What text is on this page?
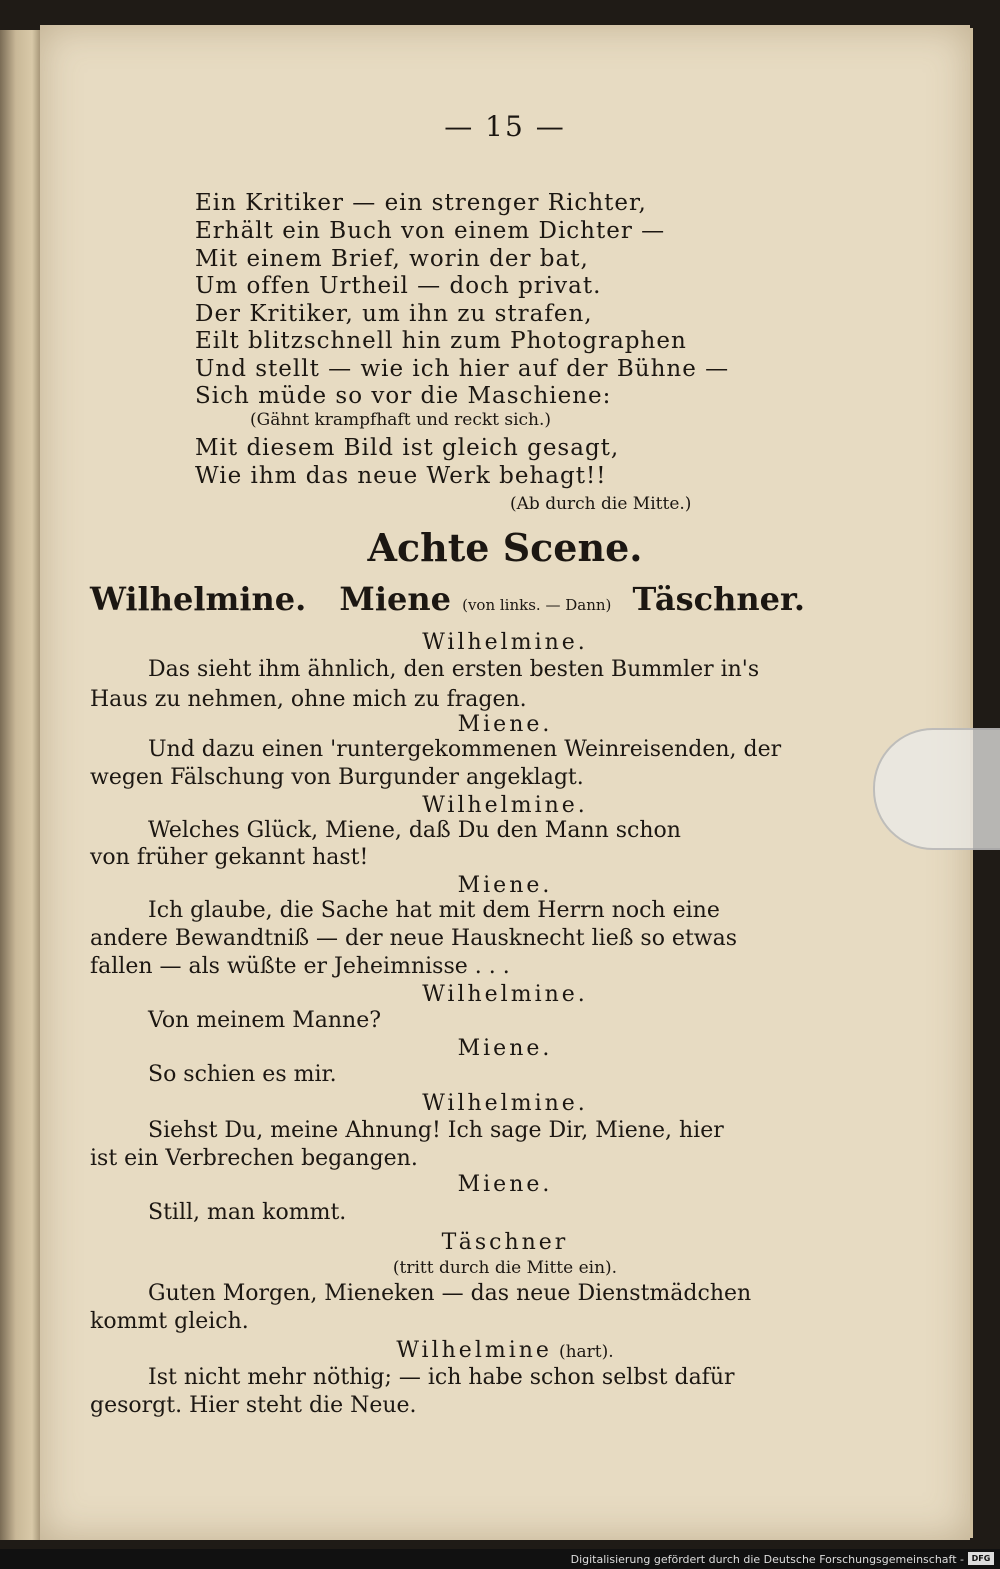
— 15 —
Ein Kritiker — ein strenger Richter,
Erhält ein Buch von einem Dichter —
Mit einem Brief, worin der bat,
Um offen Urtheil — doch privat.
Der Kritiker, um ihn zu strafen,
Eilt blitzschnell hin zum Photographen
Und stellt — wie ich hier auf der Bühne —
Sich müde so vor die Maschiene:
(Gähnt krampfhaft und reckt sich.)
Mit diesem Bild ist gleich gesagt,
Wie ihm das neue Werk behagt!!
(Ab durch die Mitte.)
Achte Scene.
Wilhelmine. Miene (von links. — Dann) Täschner.
Wilhelmine.
Das sieht ihm ähnlich, den ersten besten Bummler in's
Haus zu nehmen, ohne mich zu fragen.
Miene.
Und dazu einen 'runtergekommenen Weinreisenden, der
wegen Fälschung von Burgunder angeklagt.
Wilhelmine.
Welches Glück, Miene, daß Du den Mann schon
von früher gekannt hast!
Miene.
Ich glaube, die Sache hat mit dem Herrn noch eine
andere Bewandtniß — der neue Hausknecht ließ so etwas
fallen — als wüßte er Jeheimnisse . . .
Wilhelmine.
Von meinem Manne?
Miene.
So schien es mir.
Wilhelmine.
Siehst Du, meine Ahnung! Ich sage Dir, Miene, hier
ist ein Verbrechen begangen.
Miene.
Still, man kommt.
Täschner
(tritt durch die Mitte ein).
Guten Morgen, Mieneken — das neue Dienstmädchen
kommt gleich.
Wilhelmine (hart).
Ist nicht mehr nöthig; — ich habe schon selbst dafür
gesorgt. Hier steht die Neue.
Digitalisierung gefördert durch die Deutsche Forschungsgemeinschaft - DFG
